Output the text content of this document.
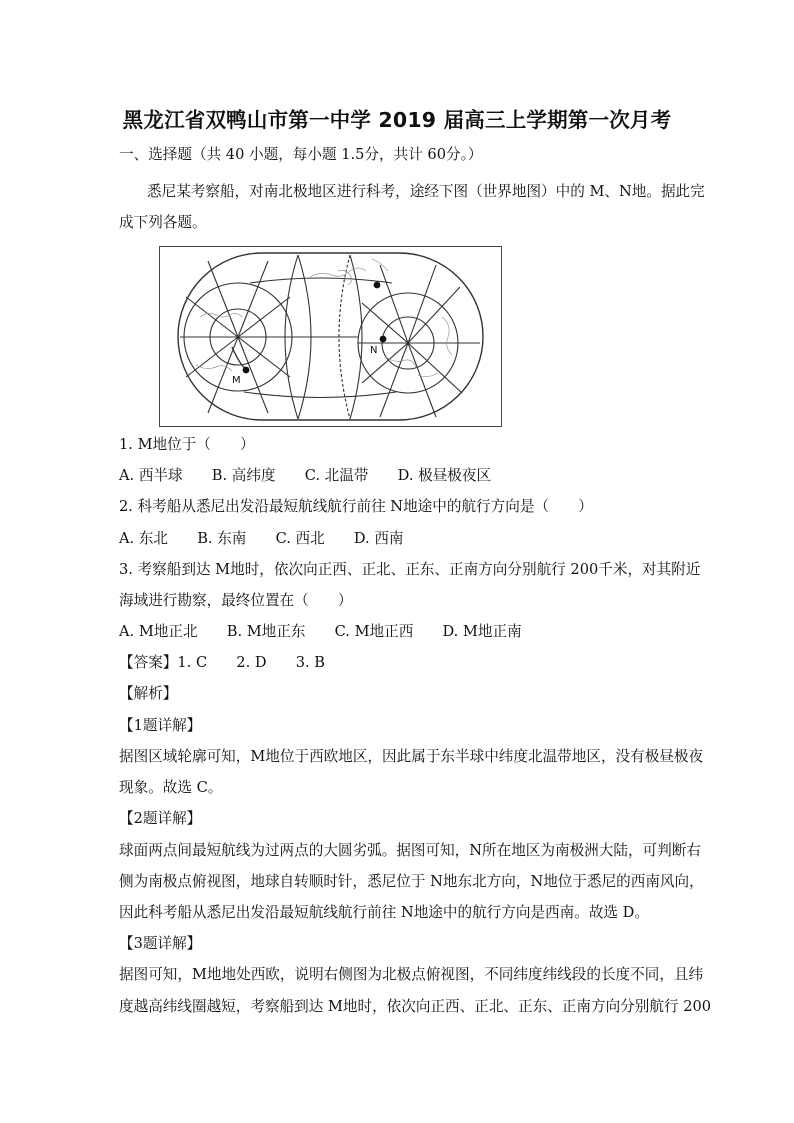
黑龙江省双鸭山市第一中学 2019 届高三上学期第一次月考
一、选择题（共 40 小题，每小题 1.5分，共计 60分。）
悉尼某考察船，对南北极地区进行科考，途经下图（世界地图）中的 M、N地。据此完
成下列各题。
N
M
1. M地位于（　　）
A. 西半球　　B. 高纬度　　C. 北温带　　D. 极昼极夜区
2. 科考船从悉尼出发沿最短航线航行前往 N地途中的航行方向是（　　）
A. 东北　　B. 东南　　C. 西北　　D. 西南
3. 考察船到达 M地时，依次向正西、正北、正东、正南方向分别航行 200千米，对其附近
海域进行勘察，最终位置在（　　）
A. M地正北　　B. M地正东　　C. M地正西　　D. M地正南
【答案】1. C　　2. D　　3. B
【解析】
【1题详解】
据图区域轮廓可知，M地位于西欧地区，因此属于东半球中纬度北温带地区，没有极昼极夜
现象。故选 C。
【2题详解】
球面两点间最短航线为过两点的大圆劣弧。据图可知，N所在地区为南极洲大陆，可判断右
侧为南极点俯视图，地球自转顺时针，悉尼位于 N地东北方向，N地位于悉尼的西南风向，
因此科考船从悉尼出发沿最短航线航行前往 N地途中的航行方向是西南。故选 D。
【3题详解】
据图可知，M地地处西欧，说明右侧图为北极点俯视图，不同纬度纬线段的长度不同，且纬
度越高纬线圈越短，考察船到达 M地时，依次向正西、正北、正东、正南方向分别航行 200
